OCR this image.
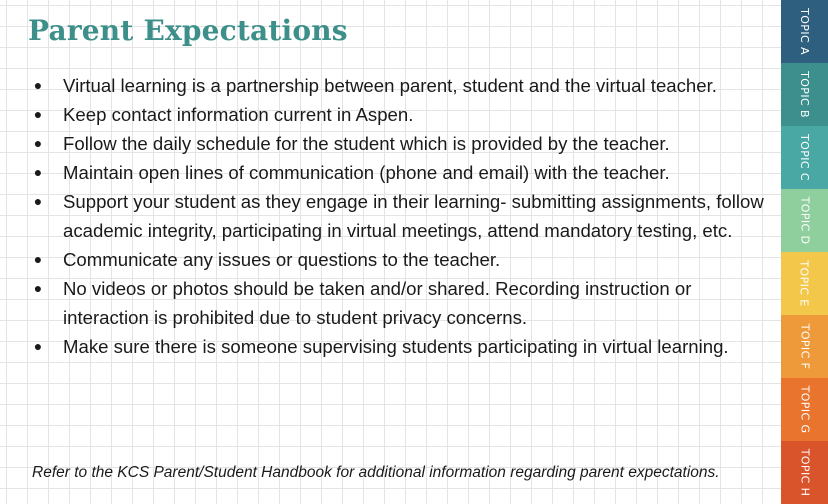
Parent Expectations
●	Virtual learning is a partnership between parent, student and the virtual teacher.
●	Keep contact information current in Aspen.
●	Follow the daily schedule for the student which is provided by the teacher.
●	Maintain open lines of communication (phone and email) with the teacher.
●	Support your student as they engage in their learning- submitting assignments, follow academic integrity, participating in virtual meetings, attend mandatory testing, etc.
●	Communicate any issues or questions to the teacher.
●	No videos or photos should be taken and/or shared. Recording instruction or interaction is prohibited due to student privacy concerns.
●	Make sure there is someone supervising students participating in virtual learning.

Refer to the KCS Parent/Student Handbook for additional information regarding parent expectations.

TOPIC A
TOPIC B
TOPIC C
TOPIC D
TOPIC E
TOPIC F
TOPIC G
TOPIC H
